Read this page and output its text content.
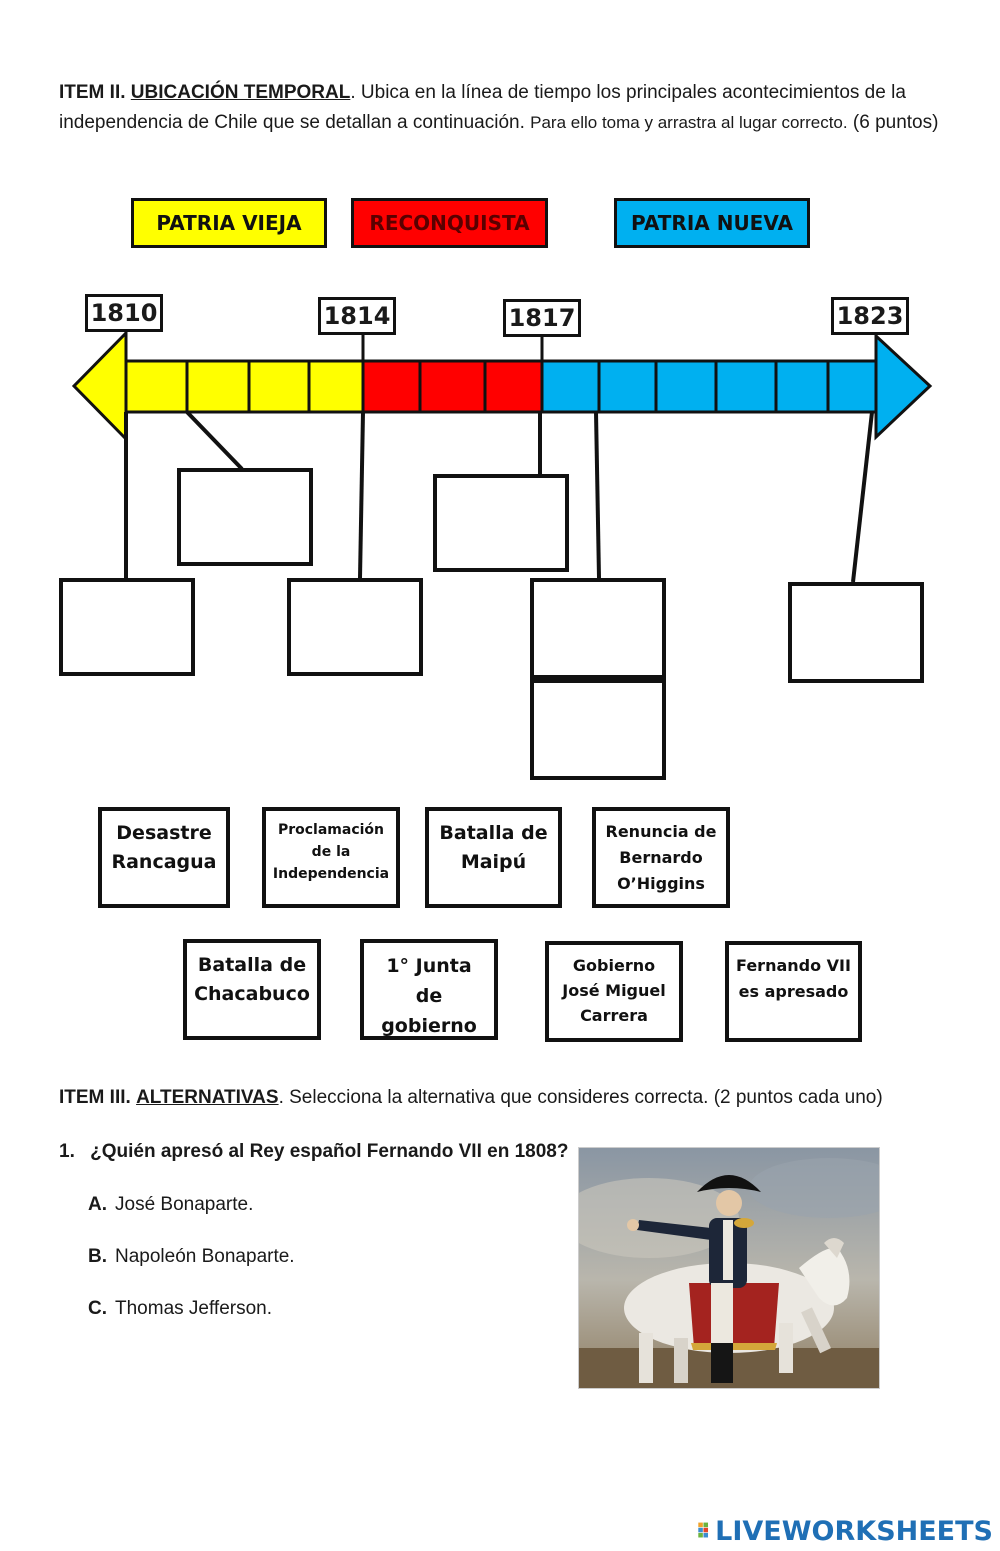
ITEM II. UBICACIÓN TEMPORAL. Ubica en la línea de tiempo los principales acontecimientos de la
independencia de Chile que se detallan a continuación. Para ello toma y arrastra al lugar correcto. (6 puntos)
PATRIA VIEJA	RECONQUISTA	PATRIA NUEVA
1810	1814	1817	1823
Desastre Rancagua
Proclamación de la Independencia
Batalla de Maipú
Renuncia de Bernardo O’Higgins
Batalla de Chacabuco
1° Junta de gobierno
Gobierno José Miguel Carrera
Fernando VII es apresado
ITEM III. ALTERNATIVAS. Selecciona la alternativa que consideres correcta. (2 puntos cada uno)
1. ¿Quién apresó al Rey español Fernando VII en 1808?
A. José Bonaparte.
B. Napoleón Bonaparte.
C. Thomas Jefferson.
LIVEWORKSHEETS
